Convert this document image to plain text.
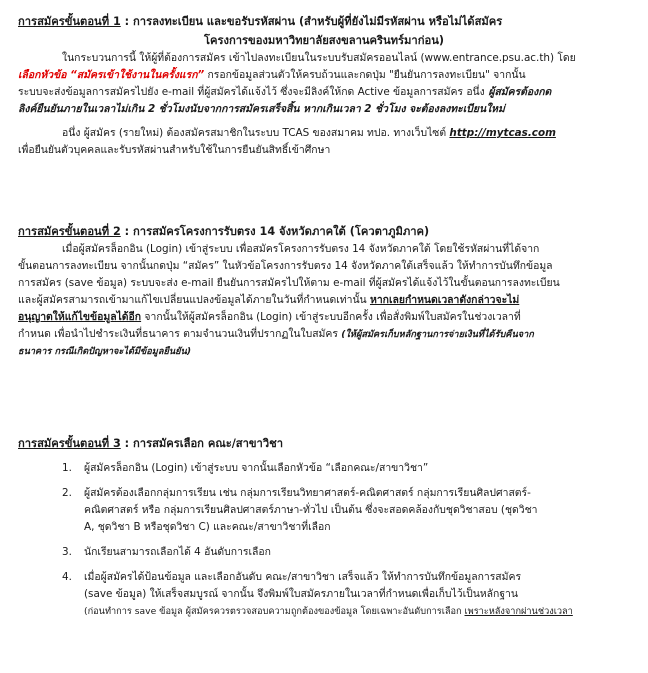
การสมัครขั้นตอนที่ 1 : การลงทะเบียน และขอรับรหัสผ่าน (สำหรับผู้ที่ยังไม่มีรหัสผ่าน หรือไม่ได้สมัคร
โครงการของมหาวิทยาลัยสงขลานครินทร์มาก่อน)
ในกระบวนการนี้ ให้ผู้ที่ต้องการสมัคร เข้าไปลงทะเบียนในระบบรับสมัครออนไลน์ (www.entrance.psu.ac.th) โดย
เลือกหัวข้อ “สมัครเข้าใช้งานในครั้งแรก” กรอกข้อมูลส่วนตัวให้ครบถ้วนและกดปุ่ม "ยืนยันการลงทะเบียน" จากนั้น
ระบบจะส่งข้อมูลการสมัครไปยัง e-mail ที่ผู้สมัครได้แจ้งไว้ ซึ่งจะมีลิงค์ให้กด Active ข้อมูลการสมัคร อนึ่ง ผู้สมัครต้องกด
ลิงค์ยืนยันภายในเวลาไม่เกิน 2 ชั่วโมงนับจากการสมัครเสร็จสิ้น หากเกินเวลา 2 ชั่วโมง จะต้องลงทะเบียนใหม่
อนึ่ง ผู้สมัคร (รายใหม่) ต้องสมัครสมาชิกในระบบ TCAS ของสมาคม ทปอ. ทางเว็บไซต์ http://mytcas.com
เพื่อยืนยันตัวบุคคลและรับรหัสผ่านสำหรับใช้ในการยืนยันสิทธิ์เข้าศึกษา
การสมัครขั้นตอนที่ 2 : การสมัครโครงการรับตรง 14 จังหวัดภาคใต้ (โควตาภูมิภาค)
เมื่อผู้สมัครล็อกอิน (Login) เข้าสู่ระบบ เพื่อสมัครโครงการรับตรง 14 จังหวัดภาคใต้ โดยใช้รหัสผ่านที่ได้จาก
ขั้นตอนการลงทะเบียน จากนั้นกดปุ่ม “สมัคร” ในหัวข้อโครงการรับตรง 14 จังหวัดภาคใต้เสร็จแล้ว ให้ทำการบันทึกข้อมูล
การสมัคร (save ข้อมูล) ระบบจะส่ง e-mail ยืนยันการสมัครไปให้ตาม e-mail ที่ผู้สมัครได้แจ้งไว้ในขั้นตอนการลงทะเบียน
และผู้สมัครสามารถเข้ามาแก้ไขเปลี่ยนแปลงข้อมูลได้ภายในวันที่กำหนดเท่านั้น หากเลยกำหนดเวลาดังกล่าวจะไม่
อนุญาตให้แก้ไขข้อมูลได้อีก จากนั้นให้ผู้สมัครล็อกอิน (Login) เข้าสู่ระบบอีกครั้ง เพื่อสั่งพิมพ์ใบสมัครในช่วงเวลาที่
กำหนด เพื่อนำไปชำระเงินที่ธนาคาร ตามจำนวนเงินที่ปรากฏในใบสมัคร (ให้ผู้สมัครเก็บหลักฐานการจ่ายเงินที่ได้รับคืนจาก
ธนาคาร กรณีเกิดปัญหาจะได้มีข้อมูลยืนยัน)
การสมัครขั้นตอนที่ 3 : การสมัครเลือก คณะ/สาขาวิชา
1. ผู้สมัครล็อกอิน (Login) เข้าสู่ระบบ จากนั้นเลือกหัวข้อ “เลือกคณะ/สาขาวิชา”
2. ผู้สมัครต้องเลือกกลุ่มการเรียน เช่น กลุ่มการเรียนวิทยาศาสตร์-คณิตศาสตร์ กลุ่มการเรียนศิลปศาสตร์-
คณิตศาสตร์ หรือ กลุ่มการเรียนศิลปศาสตร์ภาษา-ทั่วไป เป็นต้น ซึ่งจะสอดคล้องกับชุดวิชาสอบ (ชุดวิชา
A, ชุดวิชา B หรือชุดวิชา C) และคณะ/สาขาวิชาที่เลือก
3. นักเรียนสามารถเลือกได้ 4 อันดับการเลือก
4. เมื่อผู้สมัครได้ป้อนข้อมูล และเลือกอันดับ คณะ/สาขาวิชา เสร็จแล้ว ให้ทำการบันทึกข้อมูลการสมัคร
(save ข้อมูล) ให้เสร็จสมบูรณ์ จากนั้น จึงพิมพ์ใบสมัครภายในเวลาที่กำหนดเพื่อเก็บไว้เป็นหลักฐาน
(ก่อนทำการ save ข้อมูล ผู้สมัครควรตรวจสอบความถูกต้องของข้อมูล โดยเฉพาะอันดับการเลือก เพราะหลังจากผ่านช่วงเวลา
